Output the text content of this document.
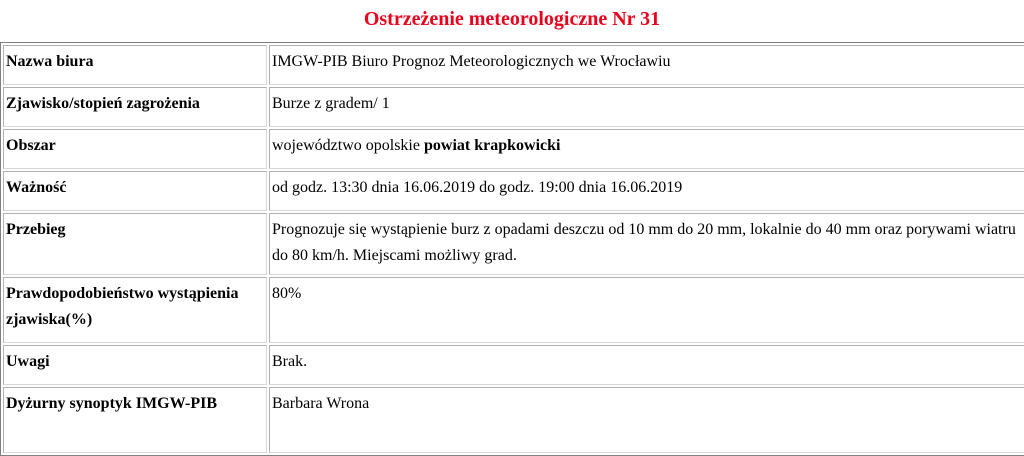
Ostrzeżenie meteorologiczne Nr 31
Nazwa biura	IMGW-PIB Biuro Prognoz Meteorologicznych we Wrocławiu
Zjawisko/stopień zagrożenia	Burze z gradem/ 1
Obszar	województwo opolskie powiat krapkowicki
Ważność	od godz. 13:30 dnia 16.06.2019 do godz. 19:00 dnia 16.06.2019
Przebieg	Prognozuje się wystąpienie burz z opadami deszczu od 10 mm do 20 mm, lokalnie do 40 mm oraz porywami wiatru do 80 km/h. Miejscami możliwy grad.
Prawdopodobieństwo wystąpienia zjawiska(%)	80%
Uwagi	Brak.
Dyżurny synoptyk IMGW-PIB	Barbara Wrona
